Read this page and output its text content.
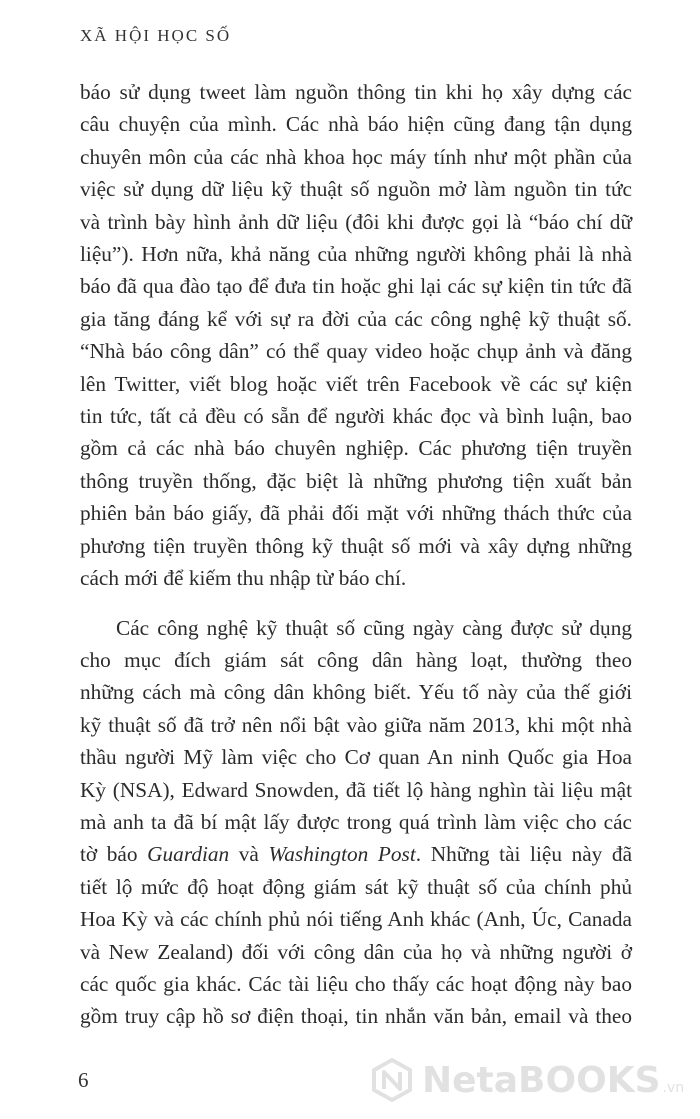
XÃ HỘI HỌC SỐ
báo sử dụng tweet làm nguồn thông tin khi họ xây dựng các
câu chuyện của mình. Các nhà báo hiện cũng đang tận dụng
chuyên môn của các nhà khoa học máy tính như một phần của
việc sử dụng dữ liệu kỹ thuật số nguồn mở làm nguồn tin tức
và trình bày hình ảnh dữ liệu (đôi khi được gọi là “báo chí dữ
liệu”). Hơn nữa, khả năng của những người không phải là nhà
báo đã qua đào tạo để đưa tin hoặc ghi lại các sự kiện tin tức đã
gia tăng đáng kể với sự ra đời của các công nghệ kỹ thuật số.
“Nhà báo công dân” có thể quay video hoặc chụp ảnh và đăng
lên Twitter, viết blog hoặc viết trên Facebook về các sự kiện
tin tức, tất cả đều có sẵn để người khác đọc và bình luận, bao
gồm cả các nhà báo chuyên nghiệp. Các phương tiện truyền
thông truyền thống, đặc biệt là những phương tiện xuất bản
phiên bản báo giấy, đã phải đối mặt với những thách thức của
phương tiện truyền thông kỹ thuật số mới và xây dựng những
cách mới để kiếm thu nhập từ báo chí.
Các công nghệ kỹ thuật số cũng ngày càng được sử dụng
cho mục đích giám sát công dân hàng loạt, thường theo
những cách mà công dân không biết. Yếu tố này của thế giới
kỹ thuật số đã trở nên nổi bật vào giữa năm 2013, khi một nhà
thầu người Mỹ làm việc cho Cơ quan An ninh Quốc gia Hoa
Kỳ (NSA), Edward Snowden, đã tiết lộ hàng nghìn tài liệu mật
mà anh ta đã bí mật lấy được trong quá trình làm việc cho các
tờ báo Guardian và Washington Post. Những tài liệu này đã
tiết lộ mức độ hoạt động giám sát kỹ thuật số của chính phủ
Hoa Kỳ và các chính phủ nói tiếng Anh khác (Anh, Úc, Canada
và New Zealand) đối với công dân của họ và những người ở
các quốc gia khác. Các tài liệu cho thấy các hoạt động này bao
gồm truy cập hồ sơ điện thoại, tin nhắn văn bản, email và theo
6	NetaBOOKS .vn
